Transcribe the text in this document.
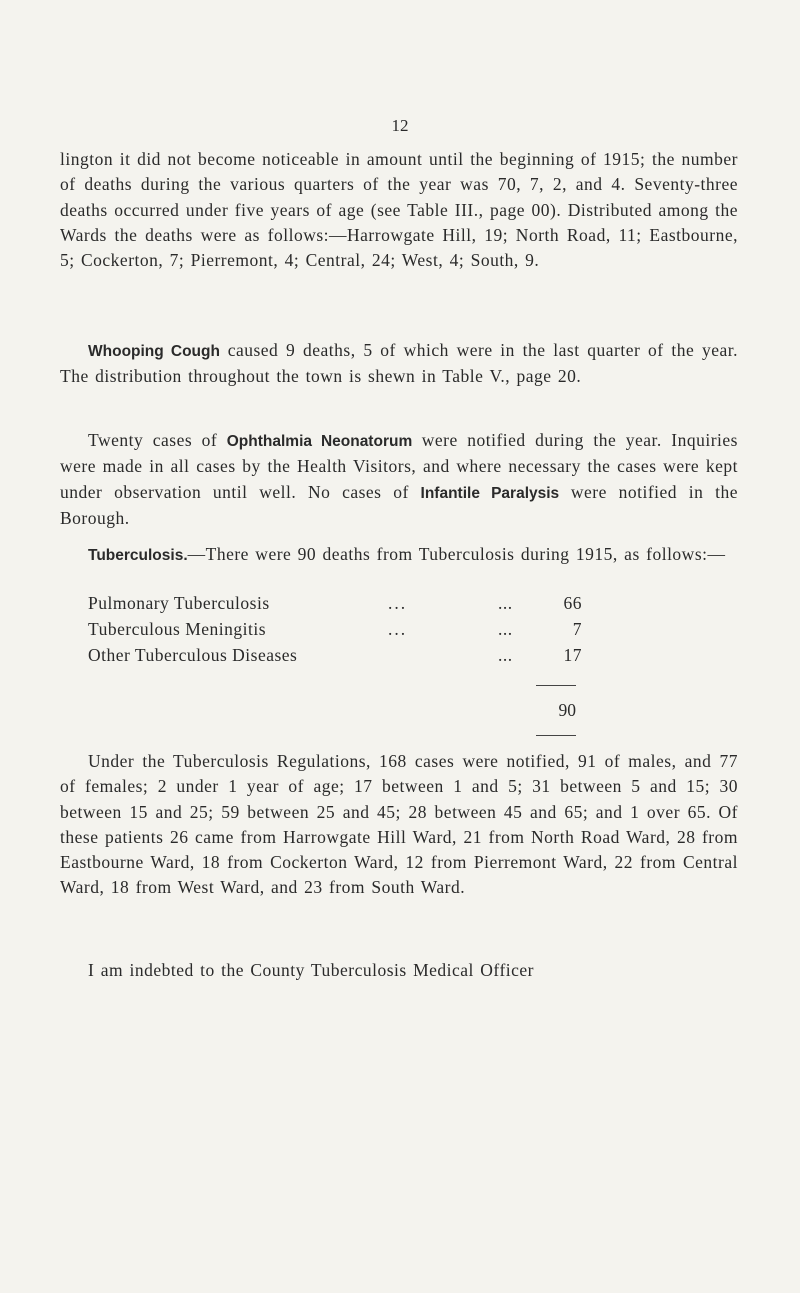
12

lington it did not become noticeable in amount until the beginning of 1915; the number of deaths during the various quarters of the year was 70, 7, 2, and 4. Seventy-three deaths occurred under five years of age (see Table III., page 00). Distributed among the Wards the deaths were as follows:—Harrowgate Hill, 19; North Road, 11; Eastbourne, 5; Cockerton, 7; Pierremont, 4; Central, 24; West, 4; South, 9.

Whooping Cough caused 9 deaths, 5 of which were in the last quarter of the year. The distribution throughout the town is shewn in Table V., page 20.

Twenty cases of Ophthalmia Neonatorum were notified during the year. Inquiries were made in all cases by the Health Visitors, and where necessary the cases were kept under observation until well. No cases of Infantile Paralysis were notified in the Borough.

Tuberculosis.—There were 90 deaths from Tuberculosis during 1915, as follows:—

Pulmonary Tuberculosis	...	...	66
Tuberculous Meningitis	...	...	7
Other Tuberculous Diseases	...	17
90

Under the Tuberculosis Regulations, 168 cases were notified, 91 of males, and 77 of females; 2 under 1 year of age; 17 between 1 and 5; 31 between 5 and 15; 30 between 15 and 25; 59 between 25 and 45; 28 between 45 and 65; and 1 over 65. Of these patients 26 came from Harrowgate Hill Ward, 21 from North Road Ward, 28 from Eastbourne Ward, 18 from Cockerton Ward, 12 from Pierremont Ward, 22 from Central Ward, 18 from West Ward, and 23 from South Ward.

I am indebted to the County Tuberculosis Medical Officer
